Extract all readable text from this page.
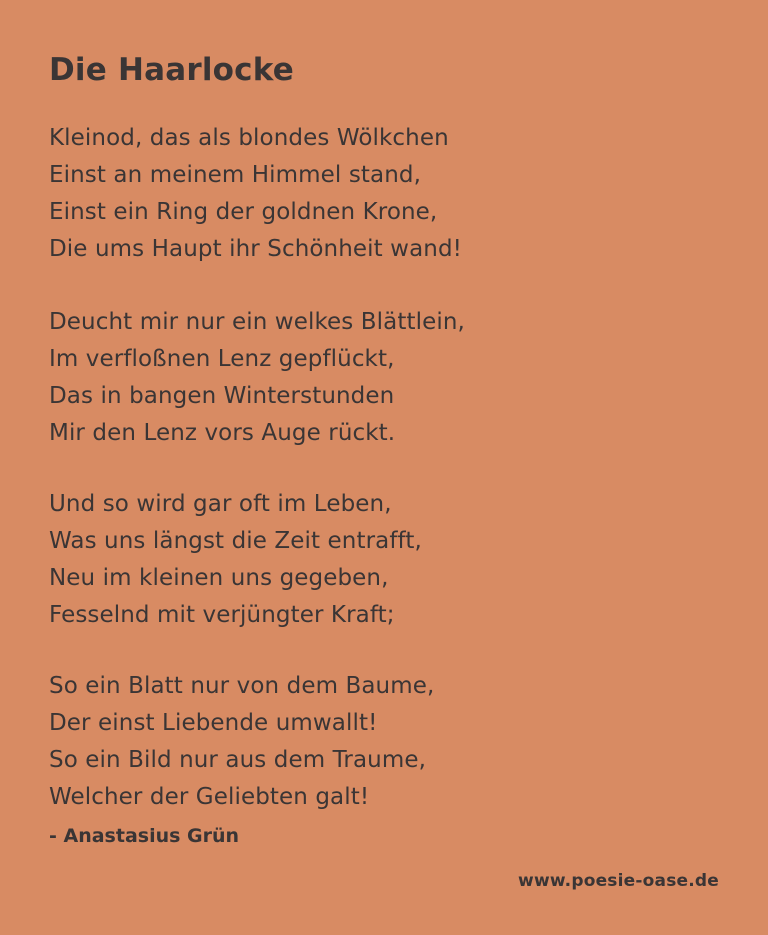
Die Haarlocke
Kleinod, das als blondes Wölkchen
Einst an meinem Himmel stand,
Einst ein Ring der goldnen Krone,
Die ums Haupt ihr Schönheit wand!
Deucht mir nur ein welkes Blättlein,
Im verfloßnen Lenz gepflückt,
Das in bangen Winterstunden
Mir den Lenz vors Auge rückt.
Und so wird gar oft im Leben,
Was uns längst die Zeit entrafft,
Neu im kleinen uns gegeben,
Fesselnd mit verjüngter Kraft;
So ein Blatt nur von dem Baume,
Der einst Liebende umwallt!
So ein Bild nur aus dem Traume,
Welcher der Geliebten galt!
- Anastasius Grün
www.poesie-oase.de
